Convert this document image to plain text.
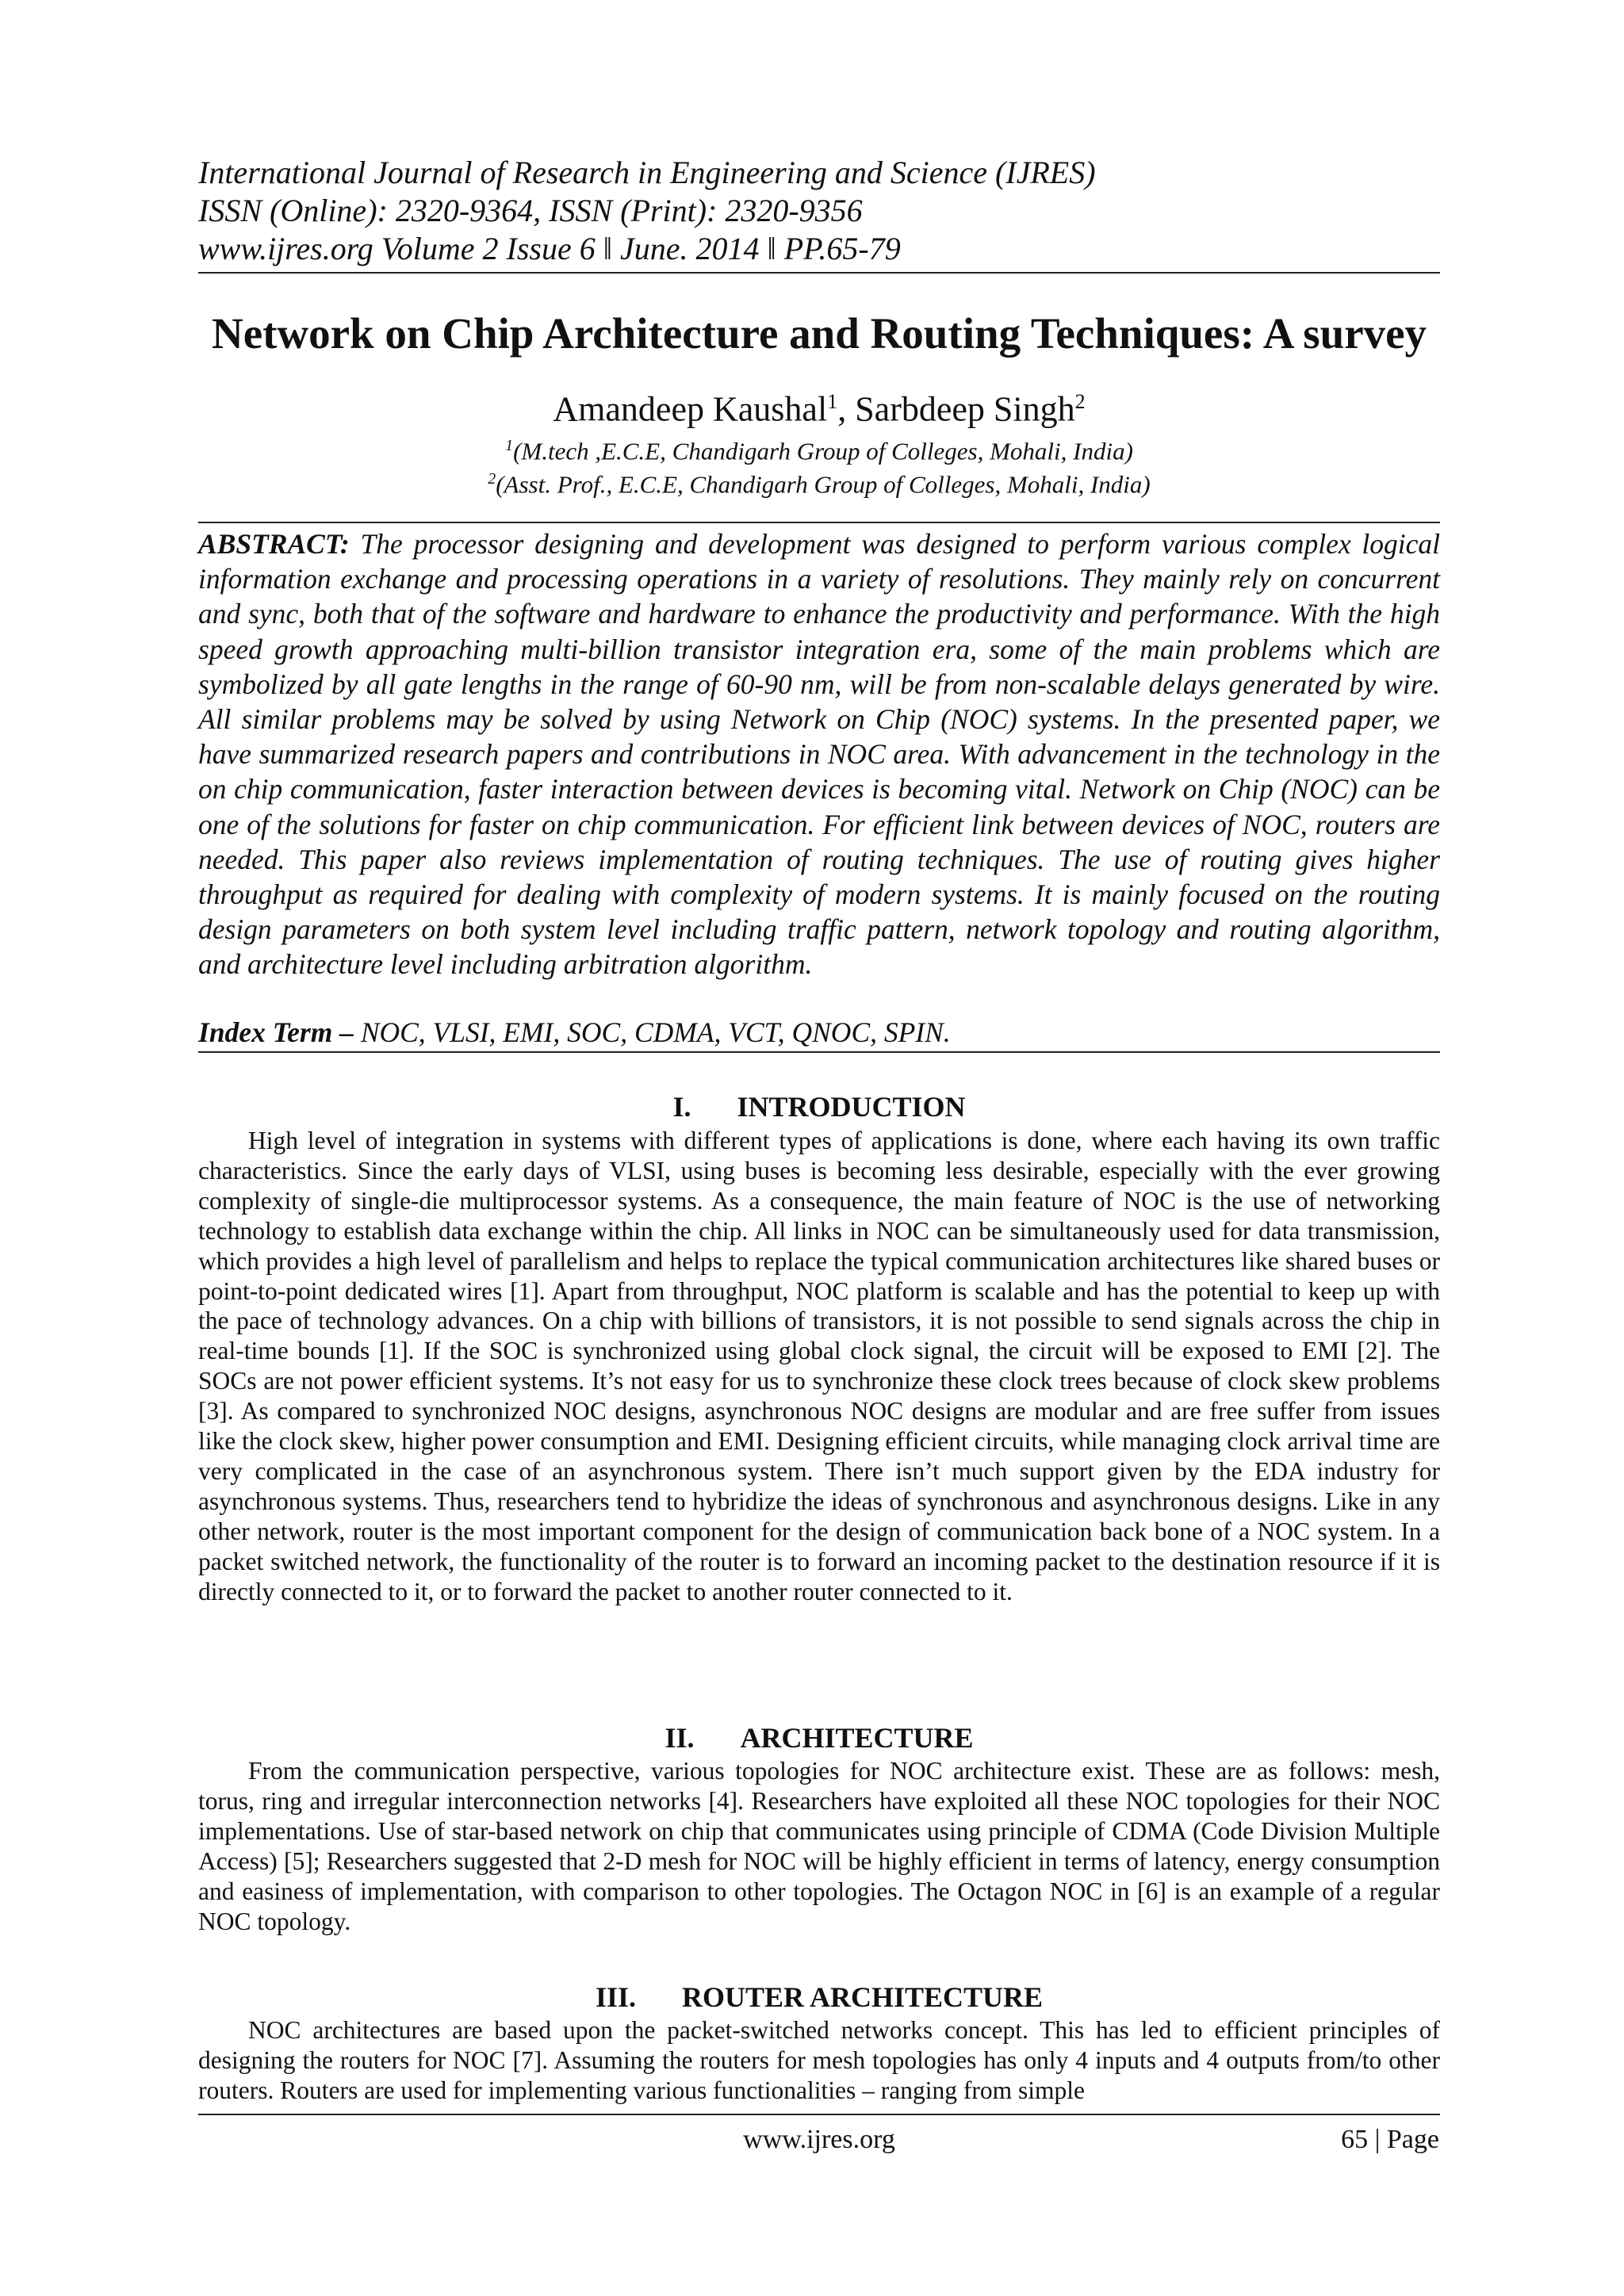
International Journal of Research in Engineering and Science (IJRES)
ISSN (Online): 2320-9364, ISSN (Print): 2320-9356
www.ijres.org Volume 2 Issue 6 ǁ June. 2014 ǁ PP.65-79
Network on Chip Architecture and Routing Techniques: A survey
Amandeep Kaushal$^1$, Sarbdeep Singh$^2$
$^1$(M.tech ,E.C.E, Chandigarh Group of Colleges, Mohali, India)
$^2$(Asst. Prof., E.C.E, Chandigarh Group of Colleges, Mohali, India)
ABSTRACT: The processor designing and development was designed to perform various complex logical information exchange and processing operations in a variety of resolutions. They mainly rely on concurrent and sync, both that of the software and hardware to enhance the productivity and performance. With the high speed growth approaching multi-billion transistor integration era, some of the main problems which are symbolized by all gate lengths in the range of 60-90 nm, will be from non-scalable delays generated by wire. All similar problems may be solved by using Network on Chip (NOC) systems. In the presented paper, we have summarized research papers and contributions in NOC area. With advancement in the technology in the on chip communication, faster interaction between devices is becoming vital. Network on Chip (NOC) can be one of the solutions for faster on chip communication. For efficient link between devices of NOC, routers are needed. This paper also reviews implementation of routing techniques. The use of routing gives higher throughput as required for dealing with complexity of modern systems. It is mainly focused on the routing design parameters on both system level including traffic pattern, network topology and routing algorithm, and architecture level including arbitration algorithm.
Index Term – NOC, VLSI, EMI, SOC, CDMA, VCT, QNOC, SPIN.
I. INTRODUCTION
High level of integration in systems with different types of applications is done, where each having its own traffic characteristics. Since the early days of VLSI, using buses is becoming less desirable, especially with the ever growing complexity of single-die multiprocessor systems. As a consequence, the main feature of NOC is the use of networking technology to establish data exchange within the chip. All links in NOC can be simultaneously used for data transmission, which provides a high level of parallelism and helps to replace the typical communication architectures like shared buses or point-to-point dedicated wires [1]. Apart from throughput, NOC platform is scalable and has the potential to keep up with the pace of technology advances. On a chip with billions of transistors, it is not possible to send signals across the chip in real-time bounds [1]. If the SOC is synchronized using global clock signal, the circuit will be exposed to EMI [2]. The SOCs are not power efficient systems. It’s not easy for us to synchronize these clock trees because of clock skew problems [3]. As compared to synchronized NOC designs, asynchronous NOC designs are modular and are free suffer from issues like the clock skew, higher power consumption and EMI. Designing efficient circuits, while managing clock arrival time are very complicated in the case of an asynchronous system. There isn’t much support given by the EDA industry for asynchronous systems. Thus, researchers tend to hybridize the ideas of synchronous and asynchronous designs. Like in any other network, router is the most important component for the design of communication back bone of a NOC system. In a packet switched network, the functionality of the router is to forward an incoming packet to the destination resource if it is directly connected to it, or to forward the packet to another router connected to it.
II. ARCHITECTURE
From the communication perspective, various topologies for NOC architecture exist. These are as follows: mesh, torus, ring and irregular interconnection networks [4]. Researchers have exploited all these NOC topologies for their NOC implementations. Use of star-based network on chip that communicates using principle of CDMA (Code Division Multiple Access) [5]; Researchers suggested that 2-D mesh for NOC will be highly efficient in terms of latency, energy consumption and easiness of implementation, with comparison to other topologies. The Octagon NOC in [6] is an example of a regular NOC topology.
III. ROUTER ARCHITECTURE
NOC architectures are based upon the packet-switched networks concept. This has led to efficient principles of designing the routers for NOC [7]. Assuming the routers for mesh topologies has only 4 inputs and 4 outputs from/to other routers. Routers are used for implementing various functionalities – ranging from simple
www.ijres.org	65 | Page
